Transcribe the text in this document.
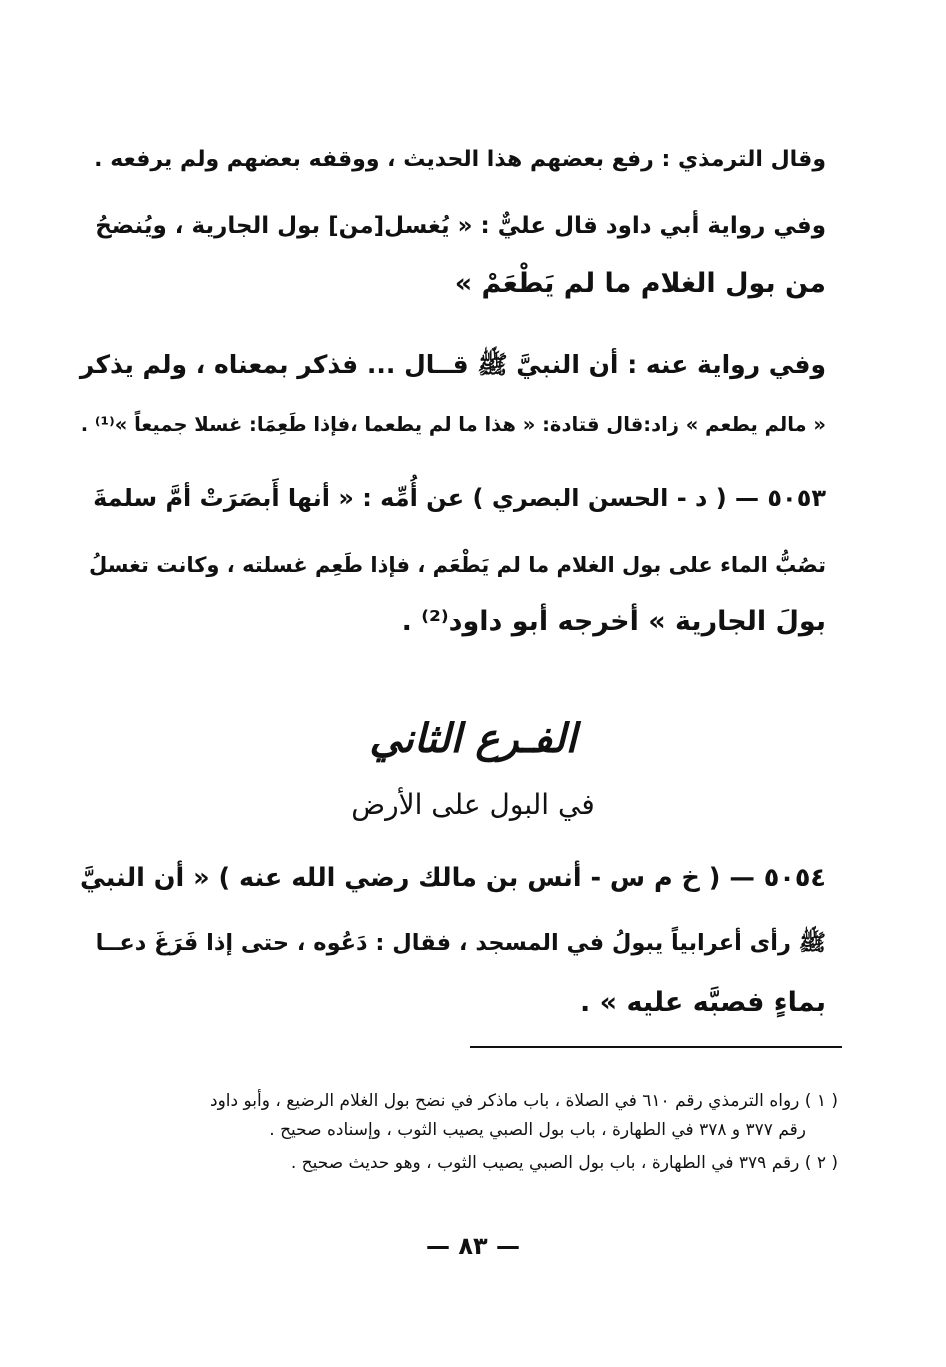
وقال الترمذي : رفع بعضهم هذا الحديث ، ووقفه بعضهم ولم يرفعه .
وفي رواية أبي داود قال عليٌّ : « يُغسل[من] بول الجارية ، ويُنضحُ
من بول الغلام ما لم يَطْعَمْ »
وفي رواية عنه : أن النبيَّ ﷺ قــال ... فذكر بمعناه ، ولم يذكر
« مالم يطعم » زاد:قال قتادة: « هذا ما لم يطعما ،فإذا طَعِمَا: غسلا جميعاً »⁽¹⁾ .
٥٠٥٣ — ( د - الحسن البصري ) عن أُمِّه : « أنها أَبصَرَتْ أمَّ سلمةَ
تصُبُّ الماء على بول الغلام ما لم يَطْعَم ، فإذا طَعِم غسلته ، وكانت تغسلُ
بولَ الجارية » أخرجه أبو داود⁽²⁾ .
الفـرع الثاني
في البول على الأرض
٥٠٥٤ — ( خ م س - أنس بن مالك رضي الله عنه ) « أن النبيَّ
ﷺ رأى أعرابياً يبولُ في المسجد ، فقال : دَعُوه ، حتى إذا فَرَغَ دعــا
بماءٍ فصبَّه عليه » .
( ١ ) رواه الترمذي رقم ٦١٠ في الصلاة ، باب ماذكر في نضح بول الغلام الرضيع ، وأبو داود
رقم ٣٧٧ و ٣٧٨ في الطهارة ، باب بول الصبي يصيب الثوب ، وإسناده صحيح .
( ٢ ) رقم ٣٧٩ في الطهارة ، باب بول الصبي يصيب الثوب ، وهو حديث صحيح .
— ٨٣ —
